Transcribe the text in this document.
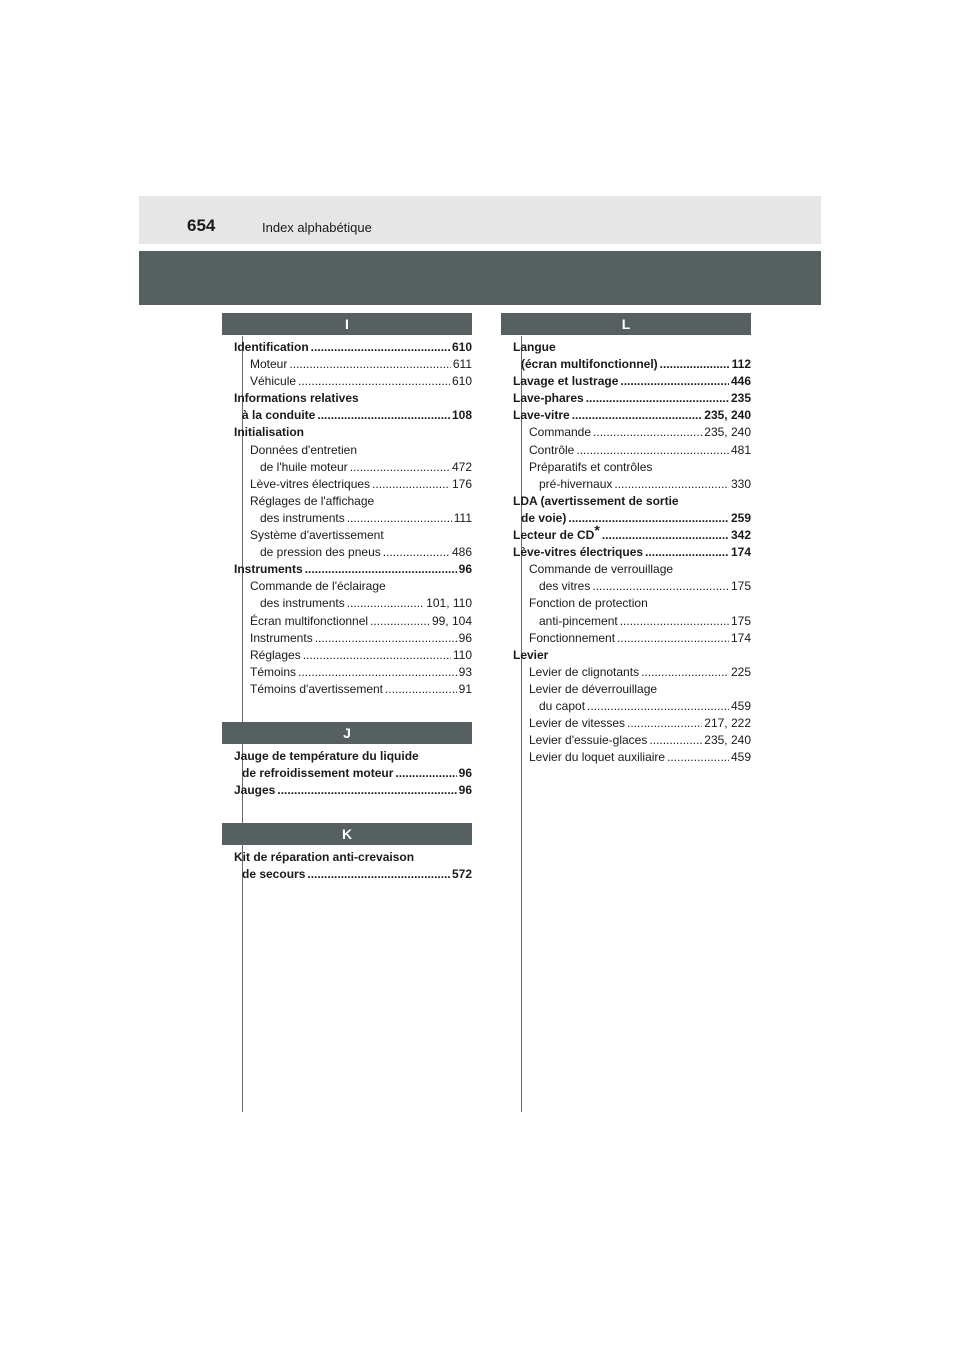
654	Index alphabétique
I
Identification .....	610
Moteur .....	611
Véhicule .....	610
Informations relatives
à la conduite .....	108
Initialisation
Données d'entretien
de l'huile moteur .....	472
Lève-vitres électriques .....	176
Réglages de l'affichage
des instruments .....	111
Système d'avertissement
de pression des pneus .....	486
Instruments .....	96
Commande de l'éclairage
des instruments .....	101, 110
Écran multifonctionnel .....	99, 104
Instruments .....	96
Réglages .....	110
Témoins .....	93
Témoins d'avertissement .....	91
J
Jauge de température du liquide
de refroidissement moteur .....	96
Jauges .....	96
K
Kit de réparation anti-crevaison
de secours .....	572
L
Langue
(écran multifonctionnel) .....	112
Lavage et lustrage .....	446
Lave-phares .....	235
Lave-vitre .....	235, 240
Commande .....	235, 240
Contrôle .....	481
Préparatifs et contrôles
pré-hivernaux .....	330
LDA (avertissement de sortie
de voie) .....	259
Lecteur de CD* .....	342
Lève-vitres électriques .....	174
Commande de verrouillage
des vitres .....	175
Fonction de protection
anti-pincement .....	175
Fonctionnement .....	174
Levier
Levier de clignotants .....	225
Levier de déverrouillage
du capot .....	459
Levier de vitesses .....	217, 222
Levier d'essuie-glaces .....	235, 240
Levier du loquet auxiliaire .....	459
